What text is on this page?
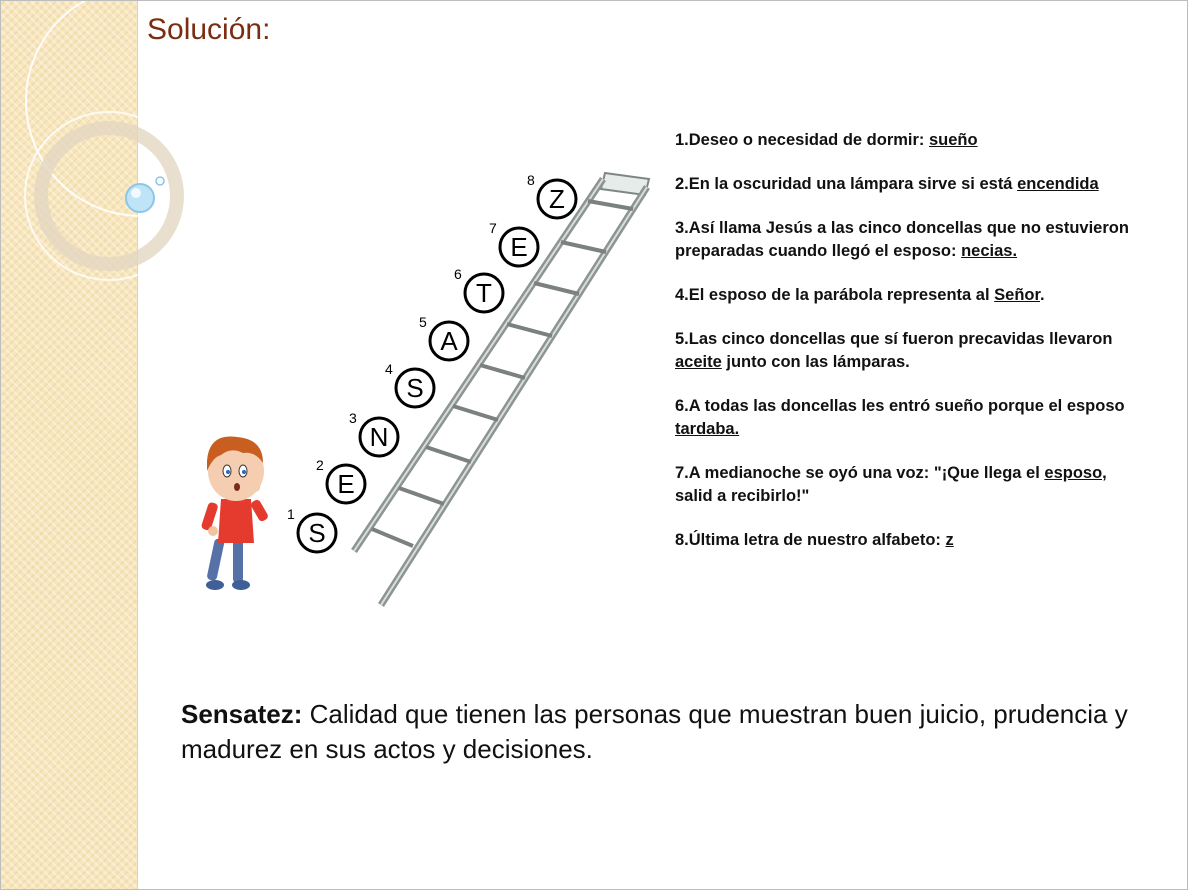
Solución:
S
1
E
2
N
3
S
4
A
5
T
6
E
7
Z
8
1.Deseo o necesidad de dormir: sueño
2.En la oscuridad una lámpara sirve si está encendida
3.Así llama Jesús a las cinco doncellas que no estuvieron preparadas cuando llegó el esposo: necias.
4.El esposo de la parábola representa al Señor.
5.Las cinco doncellas que sí fueron precavidas llevaron aceite junto con las lámparas.
6.A todas las doncellas les entró sueño porque el esposo tardaba.
7.A medianoche se oyó una voz: "¡Que llega el esposo, salid a recibirlo!"
8.Última letra de nuestro alfabeto: z
Sensatez: Calidad que tienen las personas que muestran buen juicio, prudencia y madurez en sus actos y decisiones.
